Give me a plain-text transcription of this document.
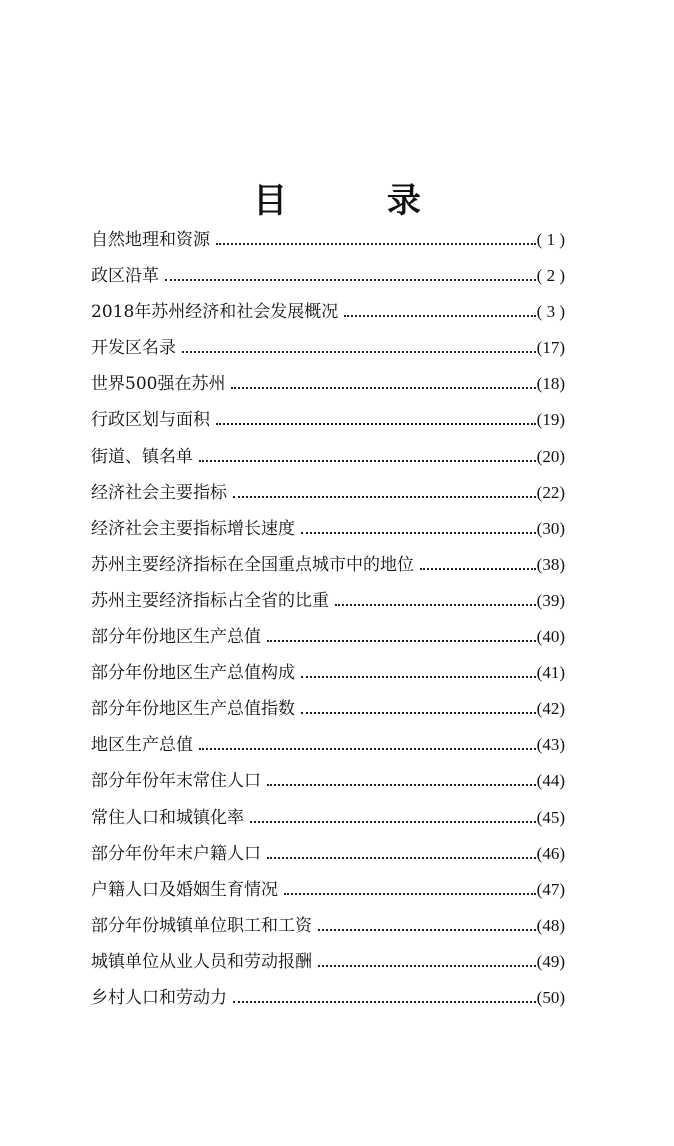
目 录
自然地理和资源	( 1 )
政区沿革	( 2 )
2018年苏州经济和社会发展概况	( 3 )
开发区名录	(17)
世界500强在苏州	(18)
行政区划与面积	(19)
街道、镇名单	(20)
经济社会主要指标	(22)
经济社会主要指标增长速度	(30)
苏州主要经济指标在全国重点城市中的地位	(38)
苏州主要经济指标占全省的比重	(39)
部分年份地区生产总值	(40)
部分年份地区生产总值构成	(41)
部分年份地区生产总值指数	(42)
地区生产总值	(43)
部分年份年末常住人口	(44)
常住人口和城镇化率	(45)
部分年份年末户籍人口	(46)
户籍人口及婚姻生育情况	(47)
部分年份城镇单位职工和工资	(48)
城镇单位从业人员和劳动报酬	(49)
乡村人口和劳动力	(50)
